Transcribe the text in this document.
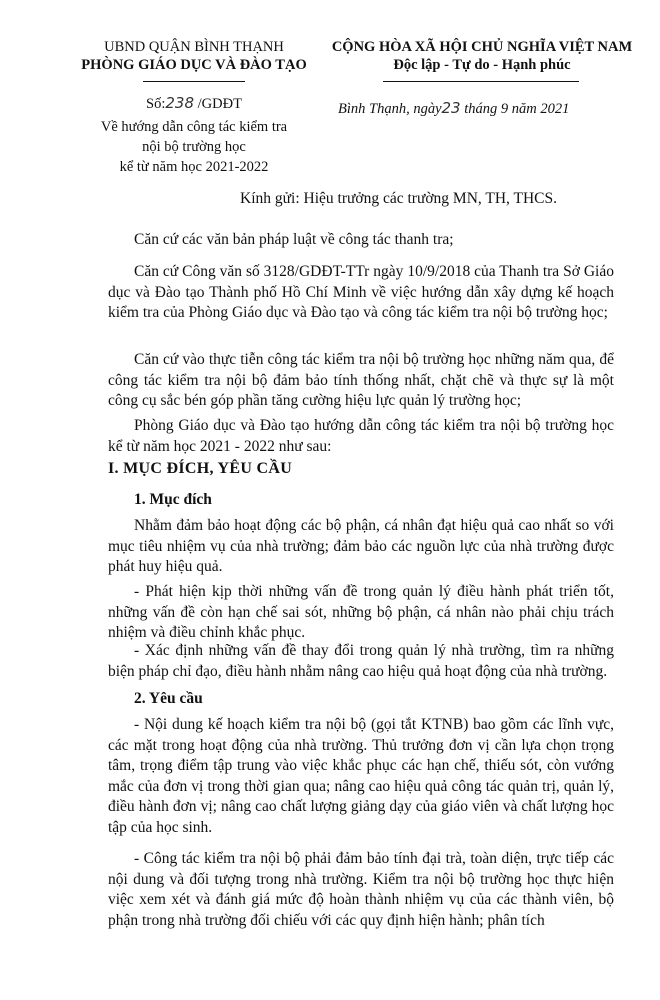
UBND QUẬN BÌNH THẠNH
PHÒNG GIÁO DỤC VÀ ĐÀO TẠO
CỘNG HÒA XÃ HỘI CHỦ NGHĨA VIỆT NAM
Độc lập - Tự do - Hạnh phúc
Số:238 /GDĐT
Về hướng dẫn công tác kiểm tra
nội bộ trường học
kể từ năm học 2021-2022
Bình Thạnh, ngày23 tháng 9 năm 2021
Kính gửi: Hiệu trưởng các trường MN, TH, THCS.
Căn cứ các văn bản pháp luật về công tác thanh tra;
Căn cứ Công văn số 3128/GDĐT-TTr ngày 10/9/2018 của Thanh tra Sở Giáo dục và Đào tạo Thành phố Hồ Chí Minh về việc hướng dẫn xây dựng kế hoạch kiểm tra của Phòng Giáo dục và Đào tạo và công tác kiểm tra nội bộ trường học;
Căn cứ vào thực tiễn công tác kiểm tra nội bộ trường học những năm qua, để công tác kiểm tra nội bộ đảm bảo tính thống nhất, chặt chẽ và thực sự là một công cụ sắc bén góp phần tăng cường hiệu lực quản lý trường học;
Phòng Giáo dục và Đào tạo hướng dẫn công tác kiểm tra nội bộ trường học kể từ năm học 2021 - 2022 như sau:
I. MỤC ĐÍCH, YÊU CẦU
1. Mục đích
Nhằm đảm bảo hoạt động các bộ phận, cá nhân đạt hiệu quả cao nhất so với mục tiêu nhiệm vụ của nhà trường; đảm bảo các nguồn lực của nhà trường được phát huy hiệu quả.
- Phát hiện kịp thời những vấn đề trong quản lý điều hành phát triển tốt, những vấn đề còn hạn chế sai sót, những bộ phận, cá nhân nào phải chịu trách nhiệm và điều chỉnh khắc phục.
- Xác định những vấn đề thay đổi trong quản lý nhà trường, tìm ra những biện pháp chỉ đạo, điều hành nhằm nâng cao hiệu quả hoạt động của nhà trường.
2. Yêu cầu
- Nội dung kế hoạch kiểm tra nội bộ (gọi tắt KTNB) bao gồm các lĩnh vực, các mặt trong hoạt động của nhà trường. Thủ trưởng đơn vị cần lựa chọn trọng tâm, trọng điểm tập trung vào việc khắc phục các hạn chế, thiếu sót, còn vướng mắc của đơn vị trong thời gian qua; nâng cao hiệu quả công tác quản trị, quản lý, điều hành đơn vị; nâng cao chất lượng giảng dạy của giáo viên và chất lượng học tập của học sinh.
- Công tác kiểm tra nội bộ phải đảm bảo tính đại trà, toàn diện, trực tiếp các nội dung và đối tượng trong nhà trường. Kiểm tra nội bộ trường học thực hiện việc xem xét và đánh giá mức độ hoàn thành nhiệm vụ của các thành viên, bộ phận trong nhà trường đối chiếu với các quy định hiện hành; phân tích
